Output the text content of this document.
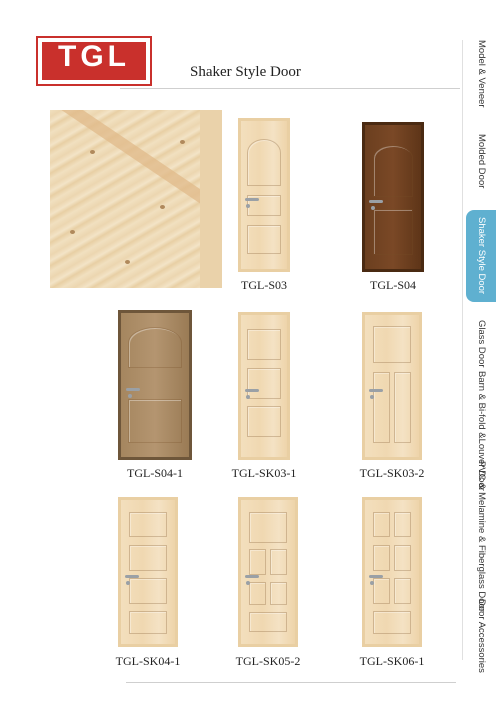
TGL	Shaker Style Door
TGL-S03	TGL-S04
TGL-S04-1	TGL-SK03-1	TGL-SK03-2
TGL-SK04-1	TGL-SK05-2	TGL-SK06-1
Model & Veneer
Molded Door
Shaker Style Door
Glass Door
Barn & Bi-fold &Louver Door
PVC & Melamine & Fiberglass Door
Door Accessories
